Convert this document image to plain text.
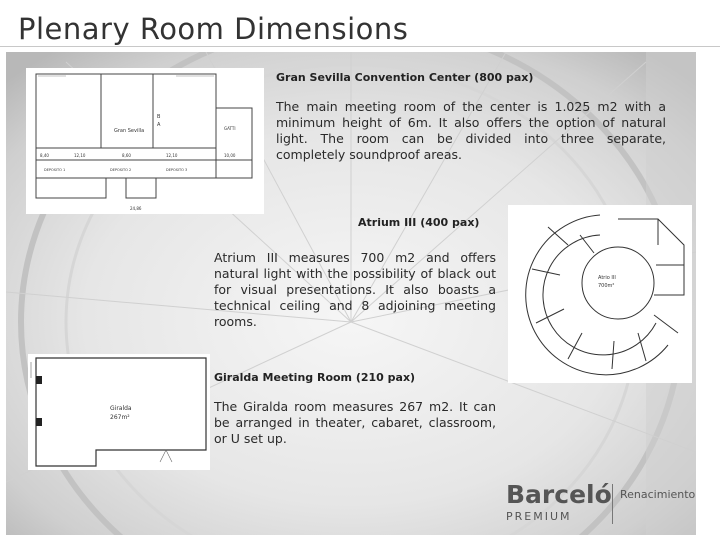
Plenary Room Dimensions
Gran Sevilla
A
B
GATTI
8,40	12,10	8,60	12,10	10,00
DEPOSITO 1	DEPOSITO 2	DEPOSITO 3
24,86
Atrio III
700m²
Giralda
267m²
Gran Sevilla Convention Center (800 pax)
The main meeting room of the center is 1.025 m2 with a minimum height of 6m. It also offers the option of natural light. The room can be divided into three separate, completely soundproof areas.
Atrium III (400 pax)
Atrium III measures 700 m2 and offers natural light with the possibility of black out for visual presentations. It also boasts a technical ceiling and 8 adjoining meeting rooms.
Giralda Meeting Room (210 pax)
The Giralda room measures 267 m2. It can be arranged in theater, cabaret, classroom, or U set up.
Barceló
PREMIUM
Renacimiento
